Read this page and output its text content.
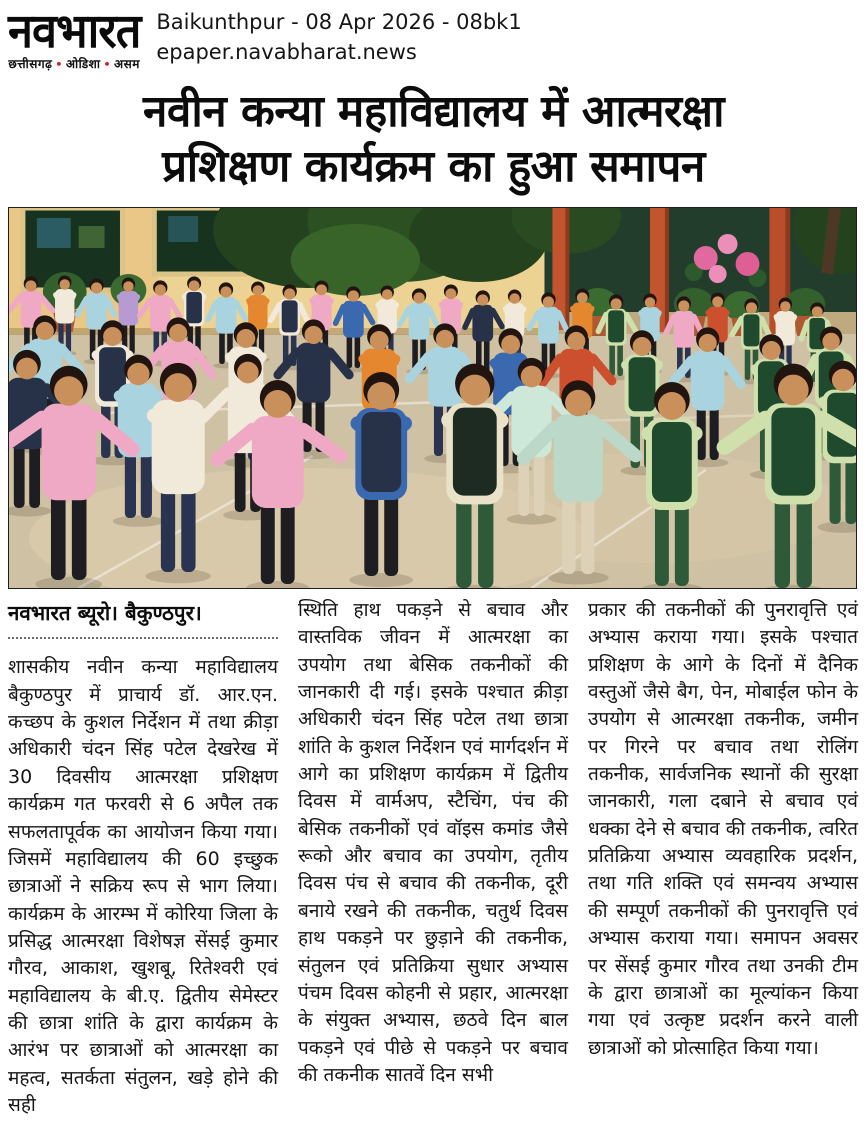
नवभारत
छत्तीसगढ़ • ओडिशा • असम
Baikunthpur - 08 Apr 2026 - 08bk1
epaper.navabharat.news
नवीन कन्या महाविद्यालय में आत्मरक्षा
प्रशिक्षण कार्यक्रम का हुआ समापन
नवभारत ब्यूरो। बैकुण्ठपुर।
शासकीय नवीन कन्या महाविद्यालय बैकुण्ठपुर में प्राचार्य डॉ. आर.एन. कच्छप के कुशल निर्देशन में तथा क्रीड़ा अधिकारी चंदन सिंह पटेल देखरेख में 30 दिवसीय आत्मरक्षा प्रशिक्षण कार्यक्रम गत फरवरी से 6 अपैल तक सफलतापूर्वक का आयोजन किया गया। जिसमें महाविद्यालय की 60 इच्छुक छात्राओं ने सक्रिय रूप से भाग लिया। कार्यक्रम के आरम्भ में कोरिया जिला के प्रसिद्ध आत्मरक्षा विशेषज्ञ सेंसई कुमार गौरव, आकाश, खुशबू, रितेश्वरी एवं महाविद्यालय के बी.ए. द्वितीय सेमेस्टर की छात्रा शांति के द्वारा कार्यक्रम के आरंभ पर छात्राओं को आत्मरक्षा का महत्व, सतर्कता संतुलन, खड़े होने की सही
स्थिति हाथ पकड़ने से बचाव और वास्तविक जीवन में आत्मरक्षा का उपयोग तथा बेसिक तकनीकों की जानकारी दी गई। इसके पश्चात क्रीड़ा अधिकारी चंदन सिंह पटेल तथा छात्रा शांति के कुशल निर्देशन एवं मार्गदर्शन में आगे का प्रशिक्षण कार्यक्रम में द्वितीय दिवस में वार्मअप, स्टैचिंग, पंच की बेसिक तकनीकों एवं वॉइस कमांड जैसे रूको और बचाव का उपयोग, तृतीय दिवस पंच से बचाव की तकनीक, दूरी बनाये रखने की तकनीक, चतुर्थ दिवस हाथ पकड़ने पर छुड़ाने की तकनीक, संतुलन एवं प्रतिक्रिया सुधार अभ्यास पंचम दिवस कोहनी से प्रहार, आत्मरक्षा के संयुक्त अभ्यास, छठवे दिन बाल पकड़ने एवं पीछे से पकड़ने पर बचाव की तकनीक सातवें दिन सभी
प्रकार की तकनीकों की पुनरावृत्ति एवं अभ्यास कराया गया। इसके पश्चात प्रशिक्षण के आगे के दिनों में दैनिक वस्तुओं जैसे बैग, पेन, मोबाईल फोन के उपयोग से आत्मरक्षा तकनीक, जमीन पर गिरने पर बचाव तथा रोलिंग तकनीक, सार्वजनिक स्थानों की सुरक्षा जानकारी, गला दबाने से बचाव एवं धक्का देने से बचाव की तकनीक, त्वरित प्रतिक्रिया अभ्यास व्यवहारिक प्रदर्शन, तथा गति शक्ति एवं समन्वय अभ्यास की सम्पूर्ण तकनीकों की पुनरावृत्ति एवं अभ्यास कराया गया। समापन अवसर पर सेंसई कुमार गौरव तथा उनकी टीम के द्वारा छात्राओं का मूल्यांकन किया गया एवं उत्कृष्ट प्रदर्शन करने वाली छात्राओं को प्रोत्साहित किया गया।
